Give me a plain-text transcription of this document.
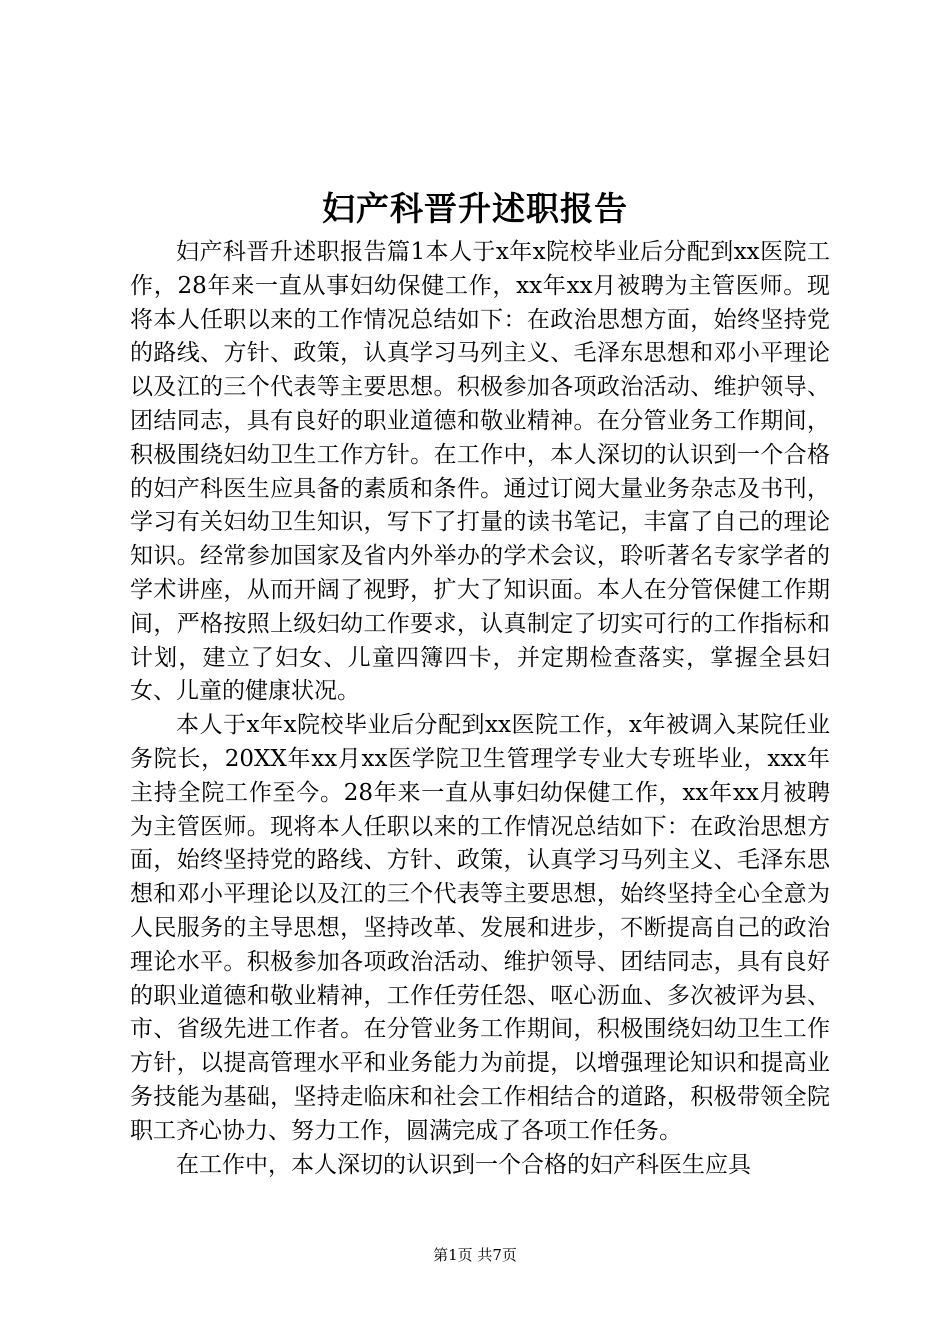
妇产科晋升述职报告

妇产科晋升述职报告篇1本人于x年x院校毕业后分配到xx医院工作，28年来一直从事妇幼保健工作，xx年xx月被聘为主管医师。现将本人任职以来的工作情况总结如下：在政治思想方面，始终坚持党的路线、方针、政策，认真学习马列主义、毛泽东思想和邓小平理论以及江的三个代表等主要思想。积极参加各项政治活动、维护领导、团结同志，具有良好的职业道德和敬业精神。在分管业务工作期间，积极围绕妇幼卫生工作方针。在工作中，本人深切的认识到一个合格的妇产科医生应具备的素质和条件。通过订阅大量业务杂志及书刊，学习有关妇幼卫生知识，写下了打量的读书笔记，丰富了自己的理论知识。经常参加国家及省内外举办的学术会议，聆听著名专家学者的学术讲座，从而开阔了视野，扩大了知识面。本人在分管保健工作期间，严格按照上级妇幼工作要求，认真制定了切实可行的工作指标和计划，建立了妇女、儿童四簿四卡，并定期检查落实，掌握全县妇女、儿童的健康状况。

本人于x年x院校毕业后分配到xx医院工作，x年被调入某院任业务院长，20XX年xx月xx医学院卫生管理学专业大专班毕业，xxx年主持全院工作至今。28年来一直从事妇幼保健工作，xx年xx月被聘为主管医师。现将本人任职以来的工作情况总结如下：在政治思想方面，始终坚持党的路线、方针、政策，认真学习马列主义、毛泽东思想和邓小平理论以及江的三个代表等主要思想，始终坚持全心全意为人民服务的主导思想，坚持改革、发展和进步，不断提高自己的政治理论水平。积极参加各项政治活动、维护领导、团结同志，具有良好的职业道德和敬业精神，工作任劳任怨、呕心沥血、多次被评为县、市、省级先进工作者。在分管业务工作期间，积极围绕妇幼卫生工作方针，以提高管理水平和业务能力为前提，以增强理论知识和提高业务技能为基础，坚持走临床和社会工作相结合的道路，积极带领全院职工齐心协力、努力工作，圆满完成了各项工作任务。

在工作中，本人深切的认识到一个合格的妇产科医生应具

第1页 共7页
